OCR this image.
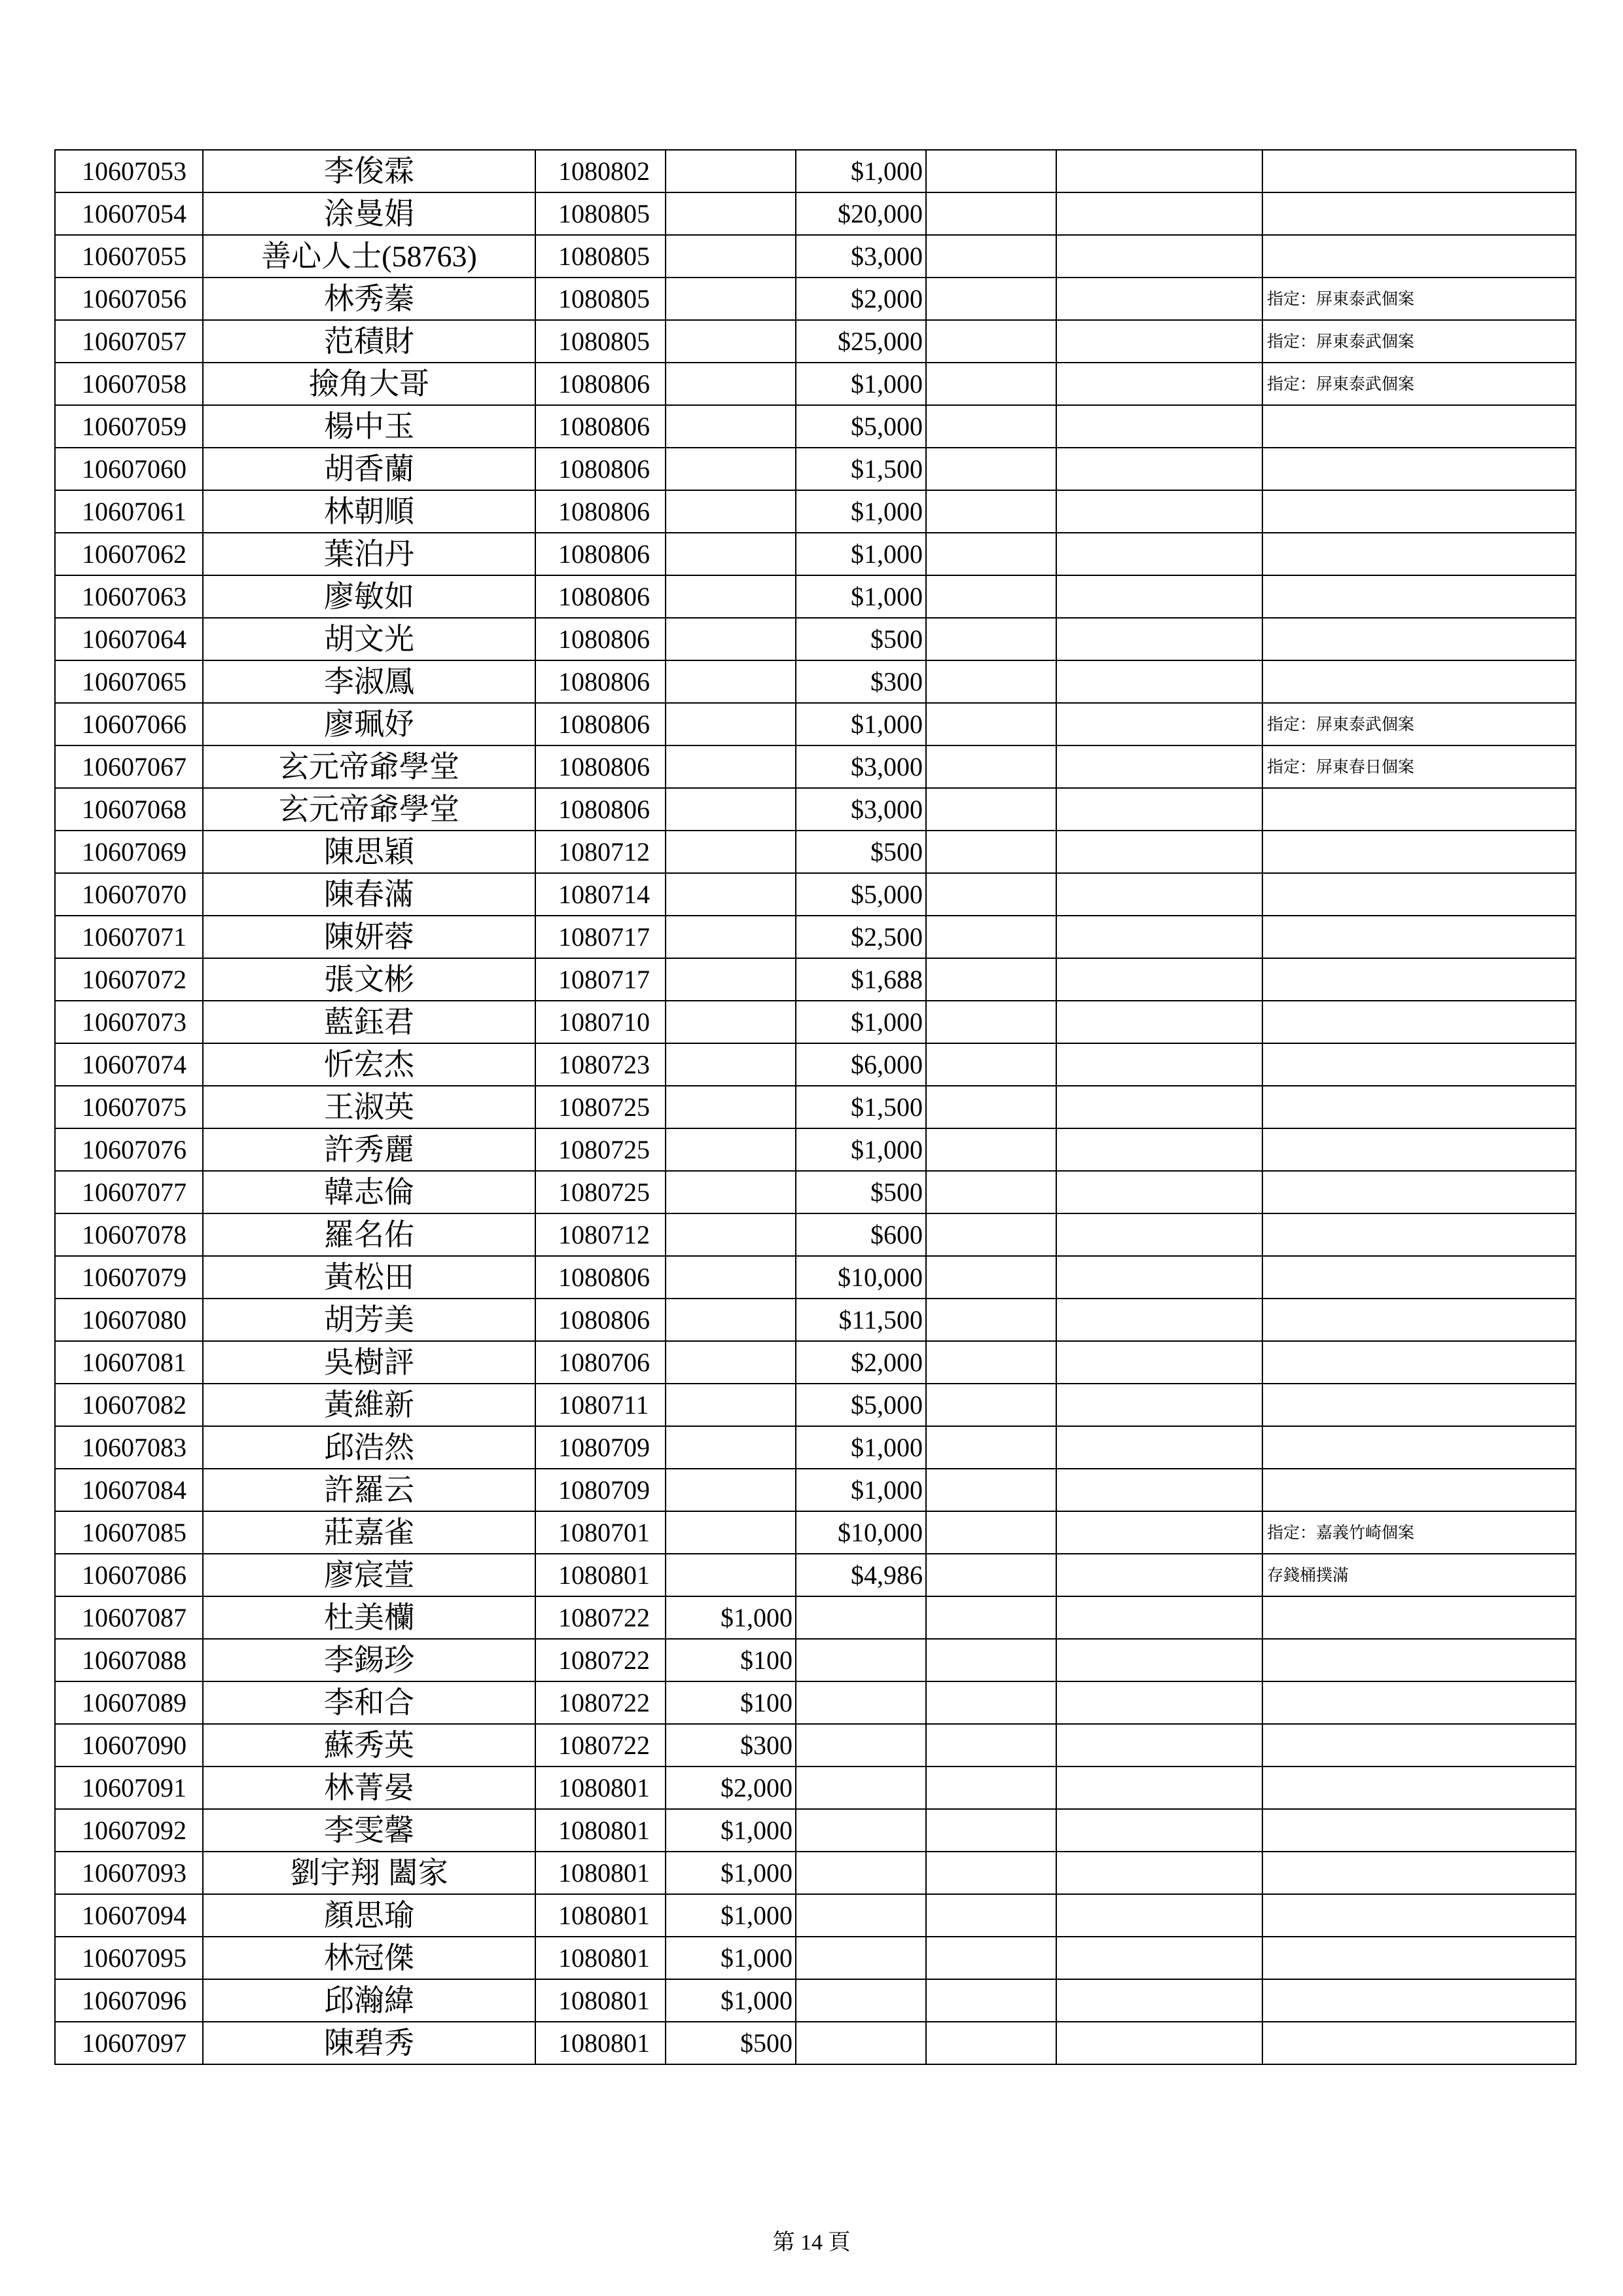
10607053	李俊霖	1080802		$1,000			
10607054	涂曼娟	1080805		$20,000			
10607055	善心人士(58763)	1080805		$3,000			
10607056	林秀蓁	1080805		$2,000			指定：屏東泰武個案
10607057	范積財	1080805		$25,000			指定：屏東泰武個案
10607058	撿角大哥	1080806		$1,000			指定：屏東泰武個案
10607059	楊中玉	1080806		$5,000			
10607060	胡香蘭	1080806		$1,500			
10607061	林朝順	1080806		$1,000			
10607062	葉泊丹	1080806		$1,000			
10607063	廖敏如	1080806		$1,000			
10607064	胡文光	1080806		$500			
10607065	李淑鳳	1080806		$300			
10607066	廖珮妤	1080806		$1,000			指定：屏東泰武個案
10607067	玄元帝爺學堂	1080806		$3,000			指定：屏東春日個案
10607068	玄元帝爺學堂	1080806		$3,000			
10607069	陳思穎	1080712		$500			
10607070	陳春滿	1080714		$5,000			
10607071	陳妍蓉	1080717		$2,500			
10607072	張文彬	1080717		$1,688			
10607073	藍鈺君	1080710		$1,000			
10607074	忻宏杰	1080723		$6,000			
10607075	王淑英	1080725		$1,500			
10607076	許秀麗	1080725		$1,000			
10607077	韓志倫	1080725		$500			
10607078	羅名佑	1080712		$600			
10607079	黃松田	1080806		$10,000			
10607080	胡芳美	1080806		$11,500			
10607081	吳樹評	1080706		$2,000			
10607082	黃維新	1080711		$5,000			
10607083	邱浩然	1080709		$1,000			
10607084	許羅云	1080709		$1,000			
10607085	莊嘉雀	1080701		$10,000			指定：嘉義竹崎個案
10607086	廖宸萱	1080801		$4,986			存錢桶撲滿
10607087	杜美欗	1080722	$1,000				
10607088	李錫珍	1080722	$100				
10607089	李和合	1080722	$100				
10607090	蘇秀英	1080722	$300				
10607091	林菁晏	1080801	$2,000				
10607092	李雯馨	1080801	$1,000				
10607093	劉宇翔 闔家	1080801	$1,000				
10607094	顏思瑜	1080801	$1,000				
10607095	林冠傑	1080801	$1,000				
10607096	邱瀚緯	1080801	$1,000				
10607097	陳碧秀	1080801	$500				
第 14 頁
